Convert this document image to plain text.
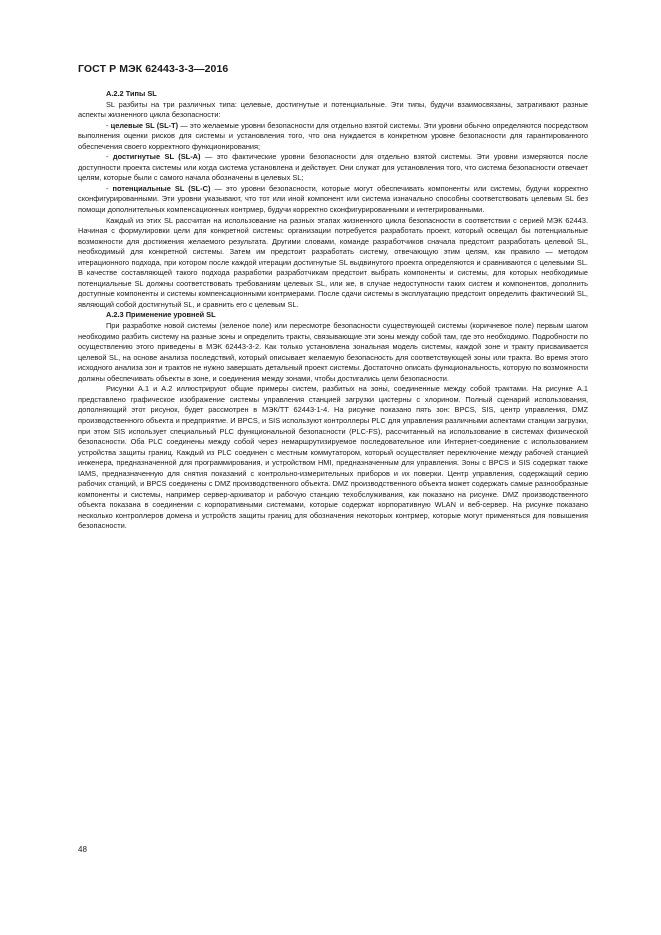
ГОСТ Р МЭК 62443-3-3—2016

А.2.2 Типы SL

SL разбиты на три различных типа: целевые, достигнутые и потенциальные. Эти типы, будучи взаимосвязаны, затрагивают разные аспекты жизненного цикла безопасности:

- целевые SL (SL-T) — это желаемые уровни безопасности для отдельно взятой системы. Эти уровни обычно определяются посредством выполнения оценки рисков для системы и установления того, что она нуждается в конкретном уровне безопасности для гарантированного обеспечения своего корректного функционирования;

- достигнутые SL (SL-A) — это фактические уровни безопасности для отдельно взятой системы. Эти уровни измеряются после доступности проекта системы или когда система установлена и действует. Они служат для установления того, что система безопасности отвечает целям, которые были с самого начала обозначены в целевых SL;

- потенциальные SL (SL-C) — это уровни безопасности, которые могут обеспечивать компоненты или системы, будучи корректно сконфигурированными. Эти уровни указывают, что тот или иной компонент или система изначально способны соответствовать целевым SL без помощи дополнительных компенсационных контрмер, будучи корректно сконфигурированными и интегрированными.

Каждый из этих SL рассчитан на использование на разных этапах жизненного цикла безопасности в соответствии с серией МЭК 62443. Начиная с формулировки цели для конкретной системы: организации потребуется разработать проект, который освещал бы потенциальные возможности для достижения желаемого результата. Другими словами, команде разработчиков сначала предстоит разработать целевой SL, необходимый для конкретной системы. Затем им предстоит разработать систему, отвечающую этим целям, как правило — методом итерационного подхода, при котором после каждой итерации достигнутые SL выдвинутого проекта определяются и сравниваются с целевыми SL. В качестве составляющей такого подхода разработки разработчикам предстоит выбрать компоненты и системы, для которых необходимые потенциальные SL должны соответствовать требованиям целевых SL, или же, в случае недоступности таких систем и компонентов, дополнить доступные компоненты и системы компенсационными контрмерами. После сдачи системы в эксплуатацию предстоит определить фактический SL, являющий собой достигнутый SL, и сравнить его с целевым SL.

А.2.3 Применение уровней SL

При разработке новой системы (зеленое поле) или пересмотре безопасности существующей системы (коричневое поле) первым шагом необходимо разбить систему на разные зоны и определить тракты, связывающие эти зоны между собой там, где это необходимо. Подробности по осуществлению этого приведены в МЭК 62443-3-2. Как только установлена зональная модель системы, каждой зоне и тракту присваивается целевой SL, на основе анализа последствий, который описывает желаемую безопасность для соответствующей зоны или тракта. Во время этого исходного анализа зон и трактов не нужно завершать детальный проект системы. Достаточно описать функциональность, которую по возможности должны обеспечивать объекты в зоне, и соединения между зонами, чтобы достигались цели безопасности.

Рисунки А.1 и А.2 иллюстрируют общие примеры систем, разбитых на зоны, соединенные между собой трактами. На рисунке А.1 представлено графическое изображение системы управления станцией загрузки цистерны с хлорином. Полный сценарий использования, дополняющий этот рисунок, будет рассмотрен в МЭК/TT 62443-1-4. На рисунке показано пять зон: BPCS, SIS, центр управления, DMZ производственного объекта и предприятие. И BPCS, и SIS используют контроллеры PLC для управления различными аспектами станции загрузки, при этом SIS использует специальный PLC функциональной безопасности (PLC-FS), рассчитанный на использование в системах физической безопасности. Оба PLC соединены между собой через немаршрутизируемое последовательное или Интернет-соединение с использованием устройства защиты границ. Каждый из PLC соединен с местным коммутатором, который осуществляет переключение между рабочей станцией инженера, предназначенной для программирования, и устройством HMI, предназначенным для управления. Зоны с BPCS и SIS содержат также IAMS, предназначенную для снятия показаний с контрольно-измерительных приборов и их поверки. Центр управления, содержащий серию рабочих станций, и BPCS соединены с DMZ производственного объекта. DMZ производственного объекта может содержать самые разнообразные компоненты и системы, например сервер-архиватор и рабочую станцию техобслуживания, как показано на рисунке. DMZ производственного объекта показана в соединении с корпоративными системами, которые содержат корпоративную WLAN и веб-сервер. На рисунке показано несколько контроллеров домена и устройств защиты границ для обозначения некоторых контрмер, которые могут применяться для повышения безопасности.

48
